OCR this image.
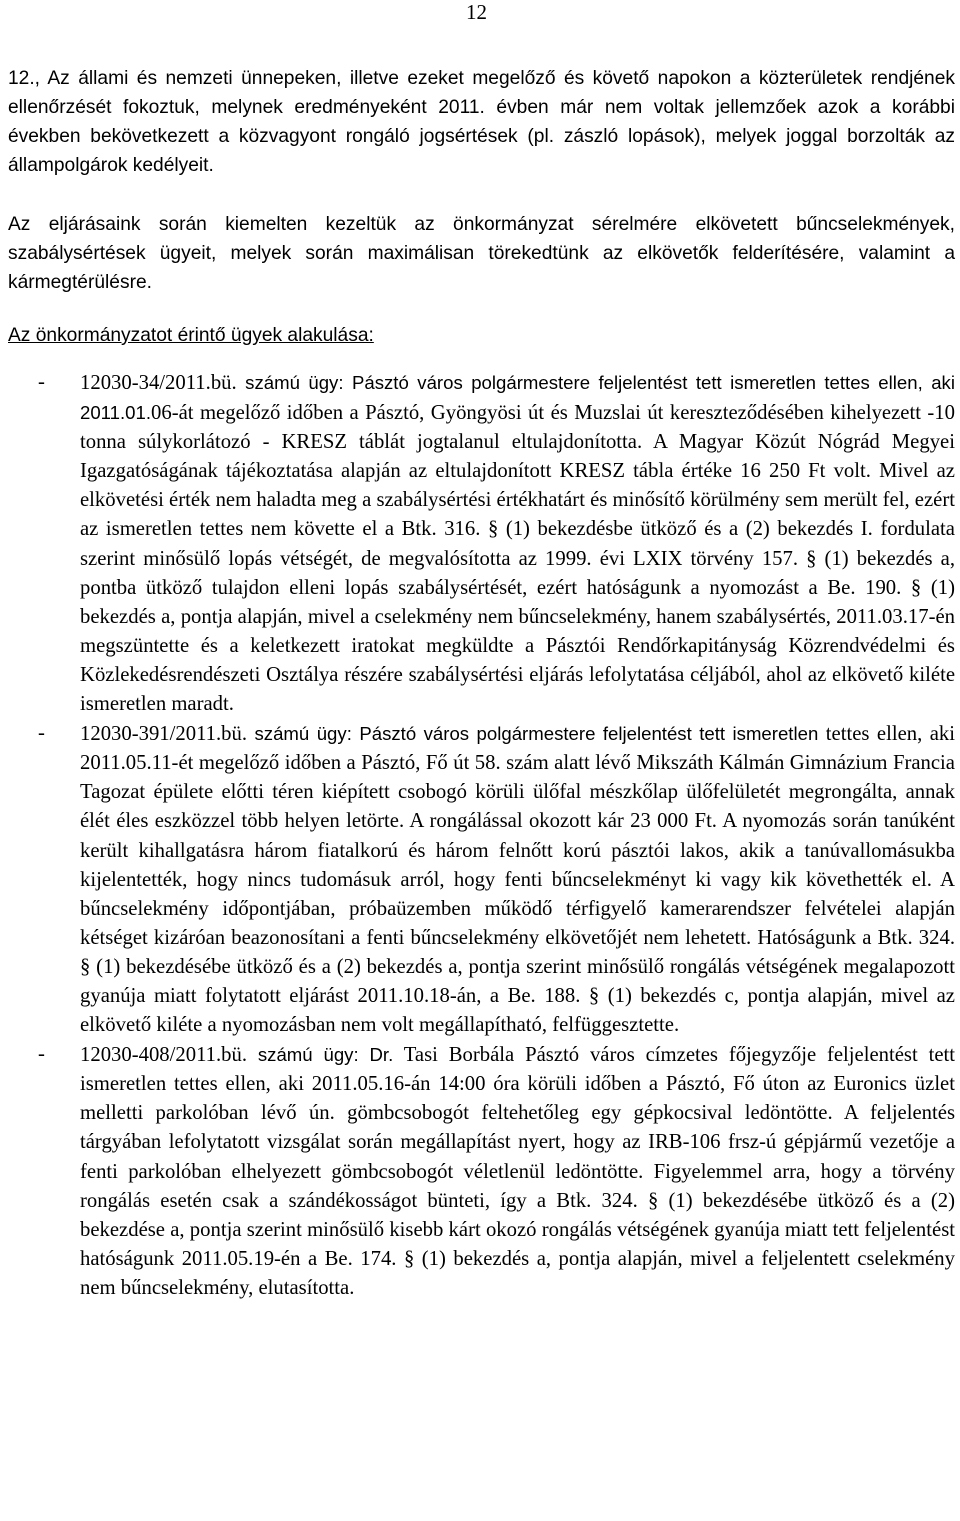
12

12., Az állami és nemzeti ünnepeken, illetve ezeket megelőző és követő napokon a közterületek rendjének ellenőrzését fokoztuk, melynek eredményeként 2011. évben már nem voltak jellemzőek azok a korábbi években bekövetkezett a közvagyont rongáló jogsértések (pl. zászló lopások), melyek joggal borzolták az állampolgárok kedélyeit.

Az eljárásaink során kiemelten kezeltük az önkormányzat sérelmére elkövetett bűncselekmények, szabálysértések ügyeit, melyek során maximálisan törekedtünk az elkövetők felderítésére, valamint a kármegtérülésre.

Az önkormányzatot érintő ügyek alakulása:
- 12030-34/2011.bü. számú ügy: Pásztó város polgármestere feljelentést tett ismeretlen tettes ellen, aki 2011.01.06-át megelőző időben a Pásztó, Gyöngyösi út és Muzslai út kereszteződésében kihelyezett -10 tonna súlykorlátozó - KRESZ táblát jogtalanul eltulajdonította. A Magyar Közút Nógrád Megyei Igazgatóságának tájékoztatása alapján az eltulajdonított KRESZ tábla értéke 16 250 Ft volt. Mivel az elkövetési érték nem haladta meg a szabálysértési értékhatárt és minősítő körülmény sem merült fel, ezért az ismeretlen tettes nem követte el a Btk. 316. § (1) bekezdésbe ütköző és a (2) bekezdés I. fordulata szerint minősülő lopás vétségét, de megvalósította az 1999. évi LXIX törvény 157. § (1) bekezdés a, pontba ütköző tulajdon elleni lopás szabálysértését, ezért hatóságunk a nyomozást a Be. 190. § (1) bekezdés a, pontja alapján, mivel a cselekmény nem bűncselekmény, hanem szabálysértés, 2011.03.17-én megszüntette és a keletkezett iratokat megküldte a Pásztói Rendőrkapitányság Közrendvédelmi és Közlekedésrendészeti Osztálya részére szabálysértési eljárás lefolytatása céljából, ahol az elkövető kiléte ismeretlen maradt.
- 12030-391/2011.bü. számú ügy: Pásztó város polgármestere feljelentést tett ismeretlen tettes ellen, aki 2011.05.11-ét megelőző időben a Pásztó, Fő út 58. szám alatt lévő Mikszáth Kálmán Gimnázium Francia Tagozat épülete előtti téren kiépített csobogó körüli ülőfal mészkőlap ülőfelületét megrongálta, annak élét éles eszközzel több helyen letörte. A rongálással okozott kár 23 000 Ft. A nyomozás során tanúként került kihallgatásra három fiatalkorú és három felnőtt korú pásztói lakos, akik a tanúvallomásukba kijelentették, hogy nincs tudomásuk arról, hogy fenti bűncselekményt ki vagy kik követhették el. A bűncselekmény időpontjában, próbaüzemben működő térfigyelő kamerarendszer felvételei alapján kétséget kizáróan beazonosítani a fenti bűncselekmény elkövetőjét nem lehetett. Hatóságunk a Btk. 324. § (1) bekezdésébe ütköző és a (2) bekezdés a, pontja szerint minősülő rongálás vétségének megalapozott gyanúja miatt folytatott eljárást 2011.10.18-án, a Be. 188. § (1) bekezdés c, pontja alapján, mivel az elkövető kiléte a nyomozásban nem volt megállapítható, felfüggesztette.
- 12030-408/2011.bü. számú ügy: Dr. Tasi Borbála Pásztó város címzetes főjegyzője feljelentést tett ismeretlen tettes ellen, aki 2011.05.16-án 14:00 óra körüli időben a Pásztó, Fő úton az Euronics üzlet melletti parkolóban lévő ún. gömbcsobogót feltehetőleg egy gépkocsival ledöntötte. A feljelentés tárgyában lefolytatott vizsgálat során megállapítást nyert, hogy az IRB-106 frsz-ú gépjármű vezetője a fenti parkolóban elhelyezett gömbcsobogót véletlenül ledöntötte. Figyelemmel arra, hogy a törvény rongálás esetén csak a szándékosságot bünteti, így a Btk. 324. § (1) bekezdésébe ütköző és a (2) bekezdése a, pontja szerint minősülő kisebb kárt okozó rongálás vétségének gyanúja miatt tett feljelentést hatóságunk 2011.05.19-én a Be. 174. § (1) bekezdés a, pontja alapján, mivel a feljelentett cselekmény nem bűncselekmény, elutasította.
